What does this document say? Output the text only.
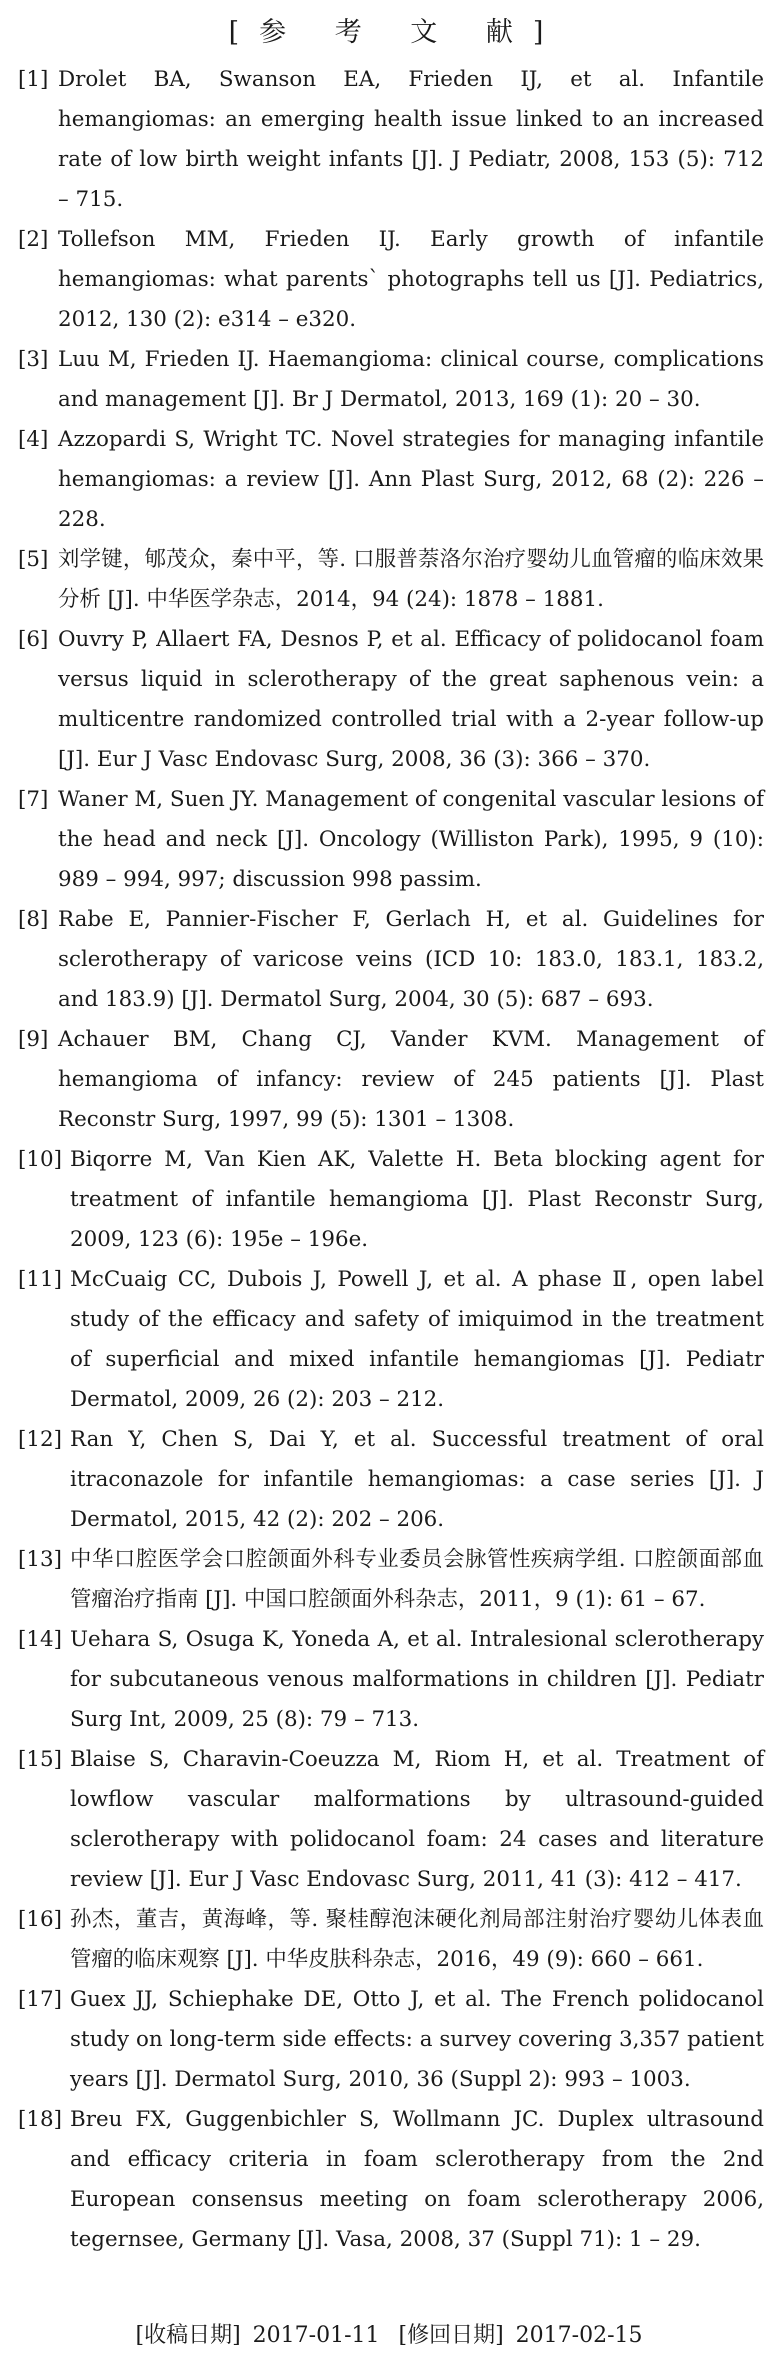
[参 考 文 献]
[1] Drolet BA, Swanson EA, Frieden IJ, et al. Infantile hemangiomas: an emerging health issue linked to an increased rate of low birth weight infants [J]. J Pediatr, 2008, 153 (5): 712 – 715.
[2] Tollefson MM, Frieden IJ. Early growth of infantile hemangiomas: what parents` photographs tell us [J]. Pediatrics, 2012, 130 (2): e314 – e320.
[3] Luu M, Frieden IJ. Haemangioma: clinical course, complications and management [J]. Br J Dermatol, 2013, 169 (1): 20 – 30.
[4] Azzopardi S, Wright TC. Novel strategies for managing infantile hemangiomas: a review [J]. Ann Plast Surg, 2012, 68 (2): 226 – 228.
[5] 刘学键，郇茂众，秦中平，等. 口服普萘洛尔治疗婴幼儿血管瘤的临床效果分析 [J]. 中华医学杂志，2014，94 (24): 1878 – 1881.
[6] Ouvry P, Allaert FA, Desnos P, et al. Efficacy of polidocanol foam versus liquid in sclerotherapy of the great saphenous vein: a multicentre randomized controlled trial with a 2-year follow-up [J]. Eur J Vasc Endovasc Surg, 2008, 36 (3): 366 – 370.
[7] Waner M, Suen JY. Management of congenital vascular lesions of the head and neck [J]. Oncology (Williston Park), 1995, 9 (10): 989 – 994, 997; discussion 998 passim.
[8] Rabe E, Pannier-Fischer F, Gerlach H, et al. Guidelines for sclerotherapy of varicose veins (ICD 10: 183.0, 183.1, 183.2, and 183.9) [J]. Dermatol Surg, 2004, 30 (5): 687 – 693.
[9] Achauer BM, Chang CJ, Vander KVM. Management of hemangioma of infancy: review of 245 patients [J]. Plast Reconstr Surg, 1997, 99 (5): 1301 – 1308.
[10] Biqorre M, Van Kien AK, Valette H. Beta blocking agent for treatment of infantile hemangioma [J]. Plast Reconstr Surg, 2009, 123 (6): 195e – 196e.
[11] McCuaig CC, Dubois J, Powell J, et al. A phase Ⅱ, open label study of the efficacy and safety of imiquimod in the treatment of superficial and mixed infantile hemangiomas [J]. Pediatr Dermatol, 2009, 26 (2): 203 – 212.
[12] Ran Y, Chen S, Dai Y, et al. Successful treatment of oral itraconazole for infantile hemangiomas: a case series [J]. J Dermatol, 2015, 42 (2): 202 – 206.
[13] 中华口腔医学会口腔颌面外科专业委员会脉管性疾病学组. 口腔颌面部血管瘤治疗指南 [J]. 中国口腔颌面外科杂志，2011，9 (1): 61 – 67.
[14] Uehara S, Osuga K, Yoneda A, et al. Intralesional sclerotherapy for subcutaneous venous malformations in children [J]. Pediatr Surg Int, 2009, 25 (8): 79 – 713.
[15] Blaise S, Charavin-Coeuzza M, Riom H, et al. Treatment of lowflow vascular malformations by ultrasound-guided sclerotherapy with polidocanol foam: 24 cases and literature review [J]. Eur J Vasc Endovasc Surg, 2011, 41 (3): 412 – 417.
[16] 孙杰，董吉，黄海峰，等. 聚桂醇泡沫硬化剂局部注射治疗婴幼儿体表血管瘤的临床观察 [J]. 中华皮肤科杂志，2016，49 (9): 660 – 661.
[17] Guex JJ, Schiephake DE, Otto J, et al. The French polidocanol study on long-term side effects: a survey covering 3,357 patient years [J]. Dermatol Surg, 2010, 36 (Suppl 2): 993 – 1003.
[18] Breu FX, Guggenbichler S, Wollmann JC. Duplex ultrasound and efficacy criteria in foam sclerotherapy from the 2nd European consensus meeting on foam sclerotherapy 2006, tegernsee, Germany [J]. Vasa, 2008, 37 (Suppl 71): 1 – 29.
[收稿日期] 2017-01-11 [修回日期] 2017-02-15
